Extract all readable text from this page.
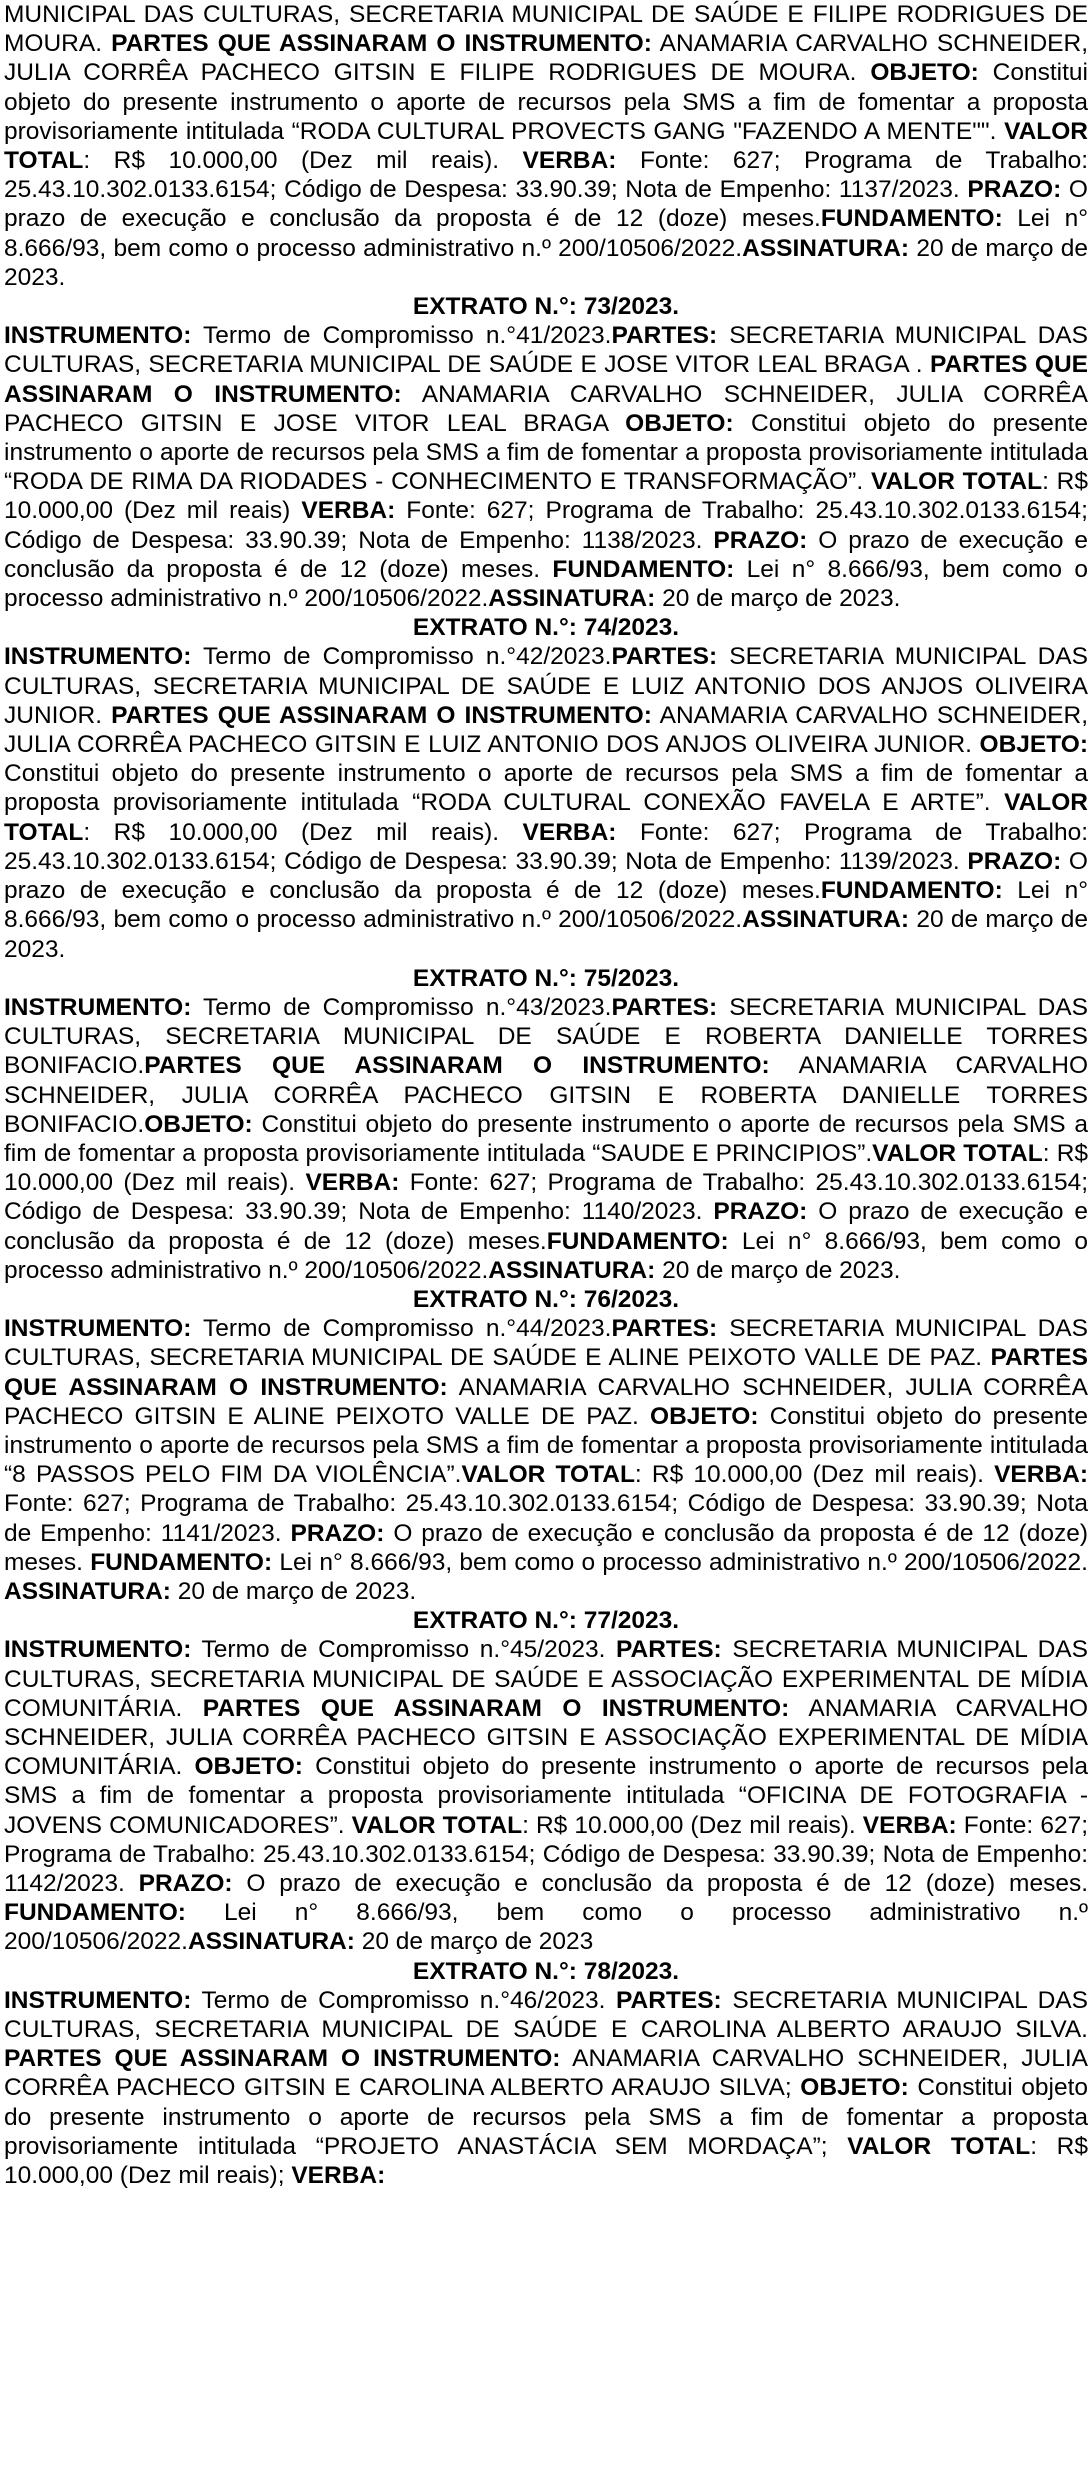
MUNICIPAL DAS CULTURAS, SECRETARIA MUNICIPAL DE SAÚDE E FILIPE RODRIGUES DE MOURA. PARTES QUE ASSINARAM O INSTRUMENTO: ANAMARIA CARVALHO SCHNEIDER, JULIA CORRÊA PACHECO GITSIN E FILIPE RODRIGUES DE MOURA. OBJETO: Constitui objeto do presente instrumento o aporte de recursos pela SMS a fim de fomentar a proposta provisoriamente intitulada “RODA CULTURAL PROVECTS GANG "FAZENDO A MENTE"". VALOR TOTAL: R$ 10.000,00 (Dez mil reais). VERBA: Fonte: 627; Programa de Trabalho: 25.43.10.302.0133.6154; Código de Despesa: 33.90.39; Nota de Empenho: 1137/2023. PRAZO: O prazo de execução e conclusão da proposta é de 12 (doze) meses.FUNDAMENTO: Lei n° 8.666/93, bem como o processo administrativo n.º 200/10506/2022.ASSINATURA: 20 de março de 2023.

EXTRATO N.°: 73/2023.

INSTRUMENTO: Termo de Compromisso n.°41/2023.PARTES: SECRETARIA MUNICIPAL DAS CULTURAS, SECRETARIA MUNICIPAL DE SAÚDE E JOSE VITOR LEAL BRAGA . PARTES QUE ASSINARAM O INSTRUMENTO: ANAMARIA CARVALHO SCHNEIDER, JULIA CORRÊA PACHECO GITSIN E JOSE VITOR LEAL BRAGA OBJETO: Constitui objeto do presente instrumento o aporte de recursos pela SMS a fim de fomentar a proposta provisoriamente intitulada “RODA DE RIMA DA RIODADES - CONHECIMENTO E TRANSFORMAÇÃO”. VALOR TOTAL: R$ 10.000,00 (Dez mil reais) VERBA: Fonte: 627; Programa de Trabalho: 25.43.10.302.0133.6154; Código de Despesa: 33.90.39; Nota de Empenho: 1138/2023. PRAZO: O prazo de execução e conclusão da proposta é de 12 (doze) meses. FUNDAMENTO: Lei n° 8.666/93, bem como o processo administrativo n.º 200/10506/2022.ASSINATURA: 20 de março de 2023.

EXTRATO N.°: 74/2023.

INSTRUMENTO: Termo de Compromisso n.°42/2023.PARTES: SECRETARIA MUNICIPAL DAS CULTURAS, SECRETARIA MUNICIPAL DE SAÚDE E LUIZ ANTONIO DOS ANJOS OLIVEIRA JUNIOR. PARTES QUE ASSINARAM O INSTRUMENTO: ANAMARIA CARVALHO SCHNEIDER, JULIA CORRÊA PACHECO GITSIN E LUIZ ANTONIO DOS ANJOS OLIVEIRA JUNIOR. OBJETO: Constitui objeto do presente instrumento o aporte de recursos pela SMS a fim de fomentar a proposta provisoriamente intitulada “RODA CULTURAL CONEXÃO FAVELA E ARTE”. VALOR TOTAL: R$ 10.000,00 (Dez mil reais). VERBA: Fonte: 627; Programa de Trabalho: 25.43.10.302.0133.6154; Código de Despesa: 33.90.39; Nota de Empenho: 1139/2023. PRAZO: O prazo de execução e conclusão da proposta é de 12 (doze) meses.FUNDAMENTO: Lei n° 8.666/93, bem como o processo administrativo n.º 200/10506/2022.ASSINATURA: 20 de março de 2023.

EXTRATO N.°: 75/2023.

INSTRUMENTO: Termo de Compromisso n.°43/2023.PARTES: SECRETARIA MUNICIPAL DAS CULTURAS, SECRETARIA MUNICIPAL DE SAÚDE E ROBERTA DANIELLE TORRES BONIFACIO.PARTES QUE ASSINARAM O INSTRUMENTO: ANAMARIA CARVALHO SCHNEIDER, JULIA CORRÊA PACHECO GITSIN E ROBERTA DANIELLE TORRES BONIFACIO.OBJETO: Constitui objeto do presente instrumento o aporte de recursos pela SMS a fim de fomentar a proposta provisoriamente intitulada “SAUDE E PRINCIPIOS”.VALOR TOTAL: R$ 10.000,00 (Dez mil reais). VERBA: Fonte: 627; Programa de Trabalho: 25.43.10.302.0133.6154; Código de Despesa: 33.90.39; Nota de Empenho: 1140/2023. PRAZO: O prazo de execução e conclusão da proposta é de 12 (doze) meses.FUNDAMENTO: Lei n° 8.666/93, bem como o processo administrativo n.º 200/10506/2022.ASSINATURA: 20 de março de 2023.

EXTRATO N.°: 76/2023.

INSTRUMENTO: Termo de Compromisso n.°44/2023.PARTES: SECRETARIA MUNICIPAL DAS CULTURAS, SECRETARIA MUNICIPAL DE SAÚDE E ALINE PEIXOTO VALLE DE PAZ. PARTES QUE ASSINARAM O INSTRUMENTO: ANAMARIA CARVALHO SCHNEIDER, JULIA CORRÊA PACHECO GITSIN E ALINE PEIXOTO VALLE DE PAZ. OBJETO: Constitui objeto do presente instrumento o aporte de recursos pela SMS a fim de fomentar a proposta provisoriamente intitulada “8 PASSOS PELO FIM DA VIOLÊNCIA”.VALOR TOTAL: R$ 10.000,00 (Dez mil reais). VERBA: Fonte: 627; Programa de Trabalho: 25.43.10.302.0133.6154; Código de Despesa: 33.90.39; Nota de Empenho: 1141/2023. PRAZO: O prazo de execução e conclusão da proposta é de 12 (doze) meses. FUNDAMENTO: Lei n° 8.666/93, bem como o processo administrativo n.º 200/10506/2022. ASSINATURA: 20 de março de 2023.

EXTRATO N.°: 77/2023.

INSTRUMENTO: Termo de Compromisso n.°45/2023. PARTES: SECRETARIA MUNICIPAL DAS CULTURAS, SECRETARIA MUNICIPAL DE SAÚDE E ASSOCIAÇÃO EXPERIMENTAL DE MÍDIA COMUNITÁRIA. PARTES QUE ASSINARAM O INSTRUMENTO: ANAMARIA CARVALHO SCHNEIDER, JULIA CORRÊA PACHECO GITSIN E ASSOCIAÇÃO EXPERIMENTAL DE MÍDIA COMUNITÁRIA. OBJETO: Constitui objeto do presente instrumento o aporte de recursos pela SMS a fim de fomentar a proposta provisoriamente intitulada “OFICINA DE FOTOGRAFIA - JOVENS COMUNICADORES”. VALOR TOTAL: R$ 10.000,00 (Dez mil reais). VERBA: Fonte: 627; Programa de Trabalho: 25.43.10.302.0133.6154; Código de Despesa: 33.90.39; Nota de Empenho: 1142/2023. PRAZO: O prazo de execução e conclusão da proposta é de 12 (doze) meses. FUNDAMENTO: Lei n° 8.666/93, bem como o processo administrativo n.º 200/10506/2022.ASSINATURA: 20 de março de 2023

EXTRATO N.°: 78/2023.

INSTRUMENTO: Termo de Compromisso n.°46/2023. PARTES: SECRETARIA MUNICIPAL DAS CULTURAS, SECRETARIA MUNICIPAL DE SAÚDE E CAROLINA ALBERTO ARAUJO SILVA. PARTES QUE ASSINARAM O INSTRUMENTO: ANAMARIA CARVALHO SCHNEIDER, JULIA CORRÊA PACHECO GITSIN E CAROLINA ALBERTO ARAUJO SILVA; OBJETO: Constitui objeto do presente instrumento o aporte de recursos pela SMS a fim de fomentar a proposta provisoriamente intitulada “PROJETO ANASTÁCIA SEM MORDAÇA”; VALOR TOTAL: R$ 10.000,00 (Dez mil reais); VERBA:
